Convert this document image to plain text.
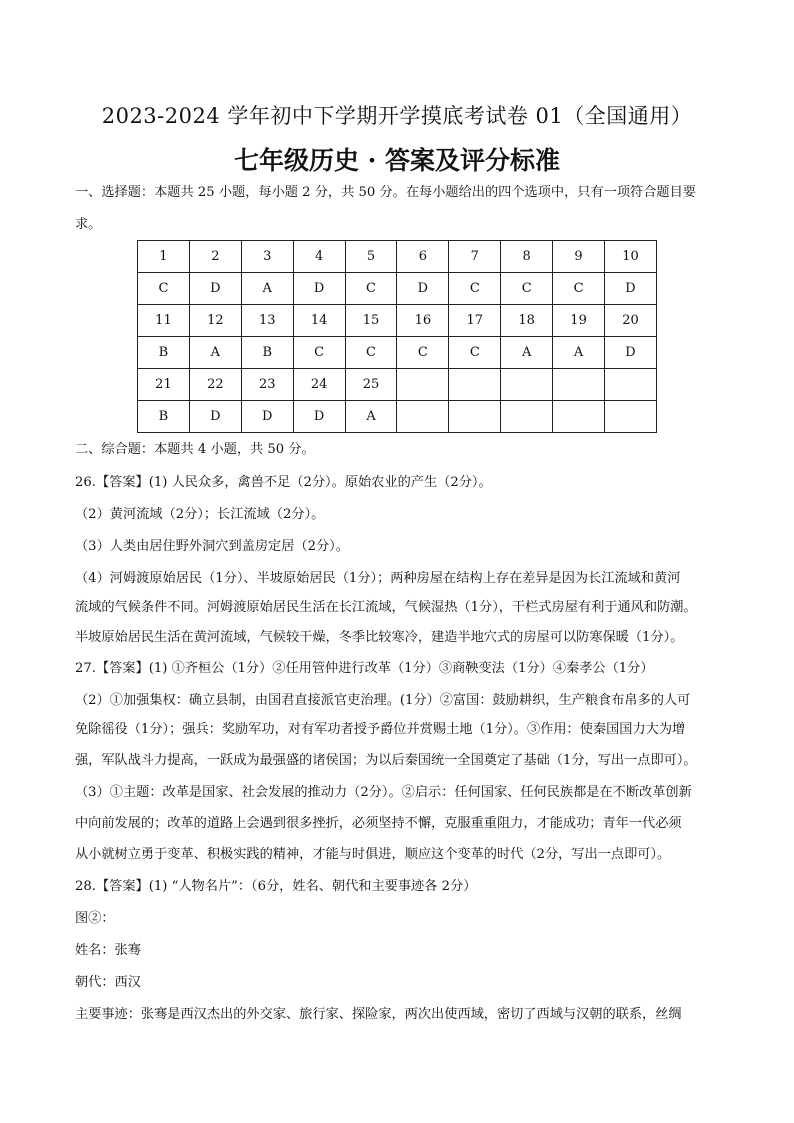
2023-2024 学年初中下学期开学摸底考试卷 01（全国通用）
七年级历史 · 答案及评分标准
一、选择题：本题共 25 小题，每小题 2 分，共 50 分。在每小题给出的四个选项中，只有一项符合题目要
求。
1	2	3	4	5	6	7	8	9	10
C	D	A	D	C	D	C	C	C	D
11	12	13	14	15	16	17	18	19	20
B	A	B	C	C	C	C	A	A	D
21	22	23	24	25					
B	D	D	D	A					
二、综合题：本题共 4 小题，共 50 分。
26.【答案】(1) 人民众多，禽兽不足（2分）。原始农业的产生（2分）。
（2）黄河流域（2分）；长江流域（2分）。
（3）人类由居住野外洞穴到盖房定居（2分）。
（4）河姆渡原始居民（1分）、半坡原始居民（1分）；两种房屋在结构上存在差异是因为长江流域和黄河
流域的气候条件不同。河姆渡原始居民生活在长江流域，气候湿热（1分），干栏式房屋有利于通风和防潮。
半坡原始居民生活在黄河流域，气候较干燥，冬季比较寒冷，建造半地穴式的房屋可以防寒保暖（1分）。
27.【答案】(1) ①齐桓公（1分）②任用管仲进行改革（1分）③商鞅变法（1分）④秦孝公（1分）
（2）①加强集权：确立县制，由国君直接派官吏治理。(1分）②富国：鼓励耕织，生产粮食布帛多的人可
免除徭役（1分）；强兵：奖励军功，对有军功者授予爵位并赏赐土地（1分）。③作用：使秦国国力大为增
强，军队战斗力提高，一跃成为最强盛的诸侯国；为以后秦国统一全国奠定了基础（1分，写出一点即可）。
（3）①主题：改革是国家、社会发展的推动力（2分）。②启示：任何国家、任何民族都是在不断改革创新
中向前发展的；改革的道路上会遇到很多挫折，必须坚持不懈，克服重重阻力，才能成功；青年一代必须
从小就树立勇于变革、积极实践的精神，才能与时俱进，顺应这个变革的时代（2分，写出一点即可）。
28.【答案】(1) “人物名片”：（6分，姓名、朝代和主要事迹各 2分）
图②：
姓名：张骞
朝代：西汉
主要事迹：张骞是西汉杰出的外交家、旅行家、探险家，两次出使西域，密切了西域与汉朝的联系，丝绸
